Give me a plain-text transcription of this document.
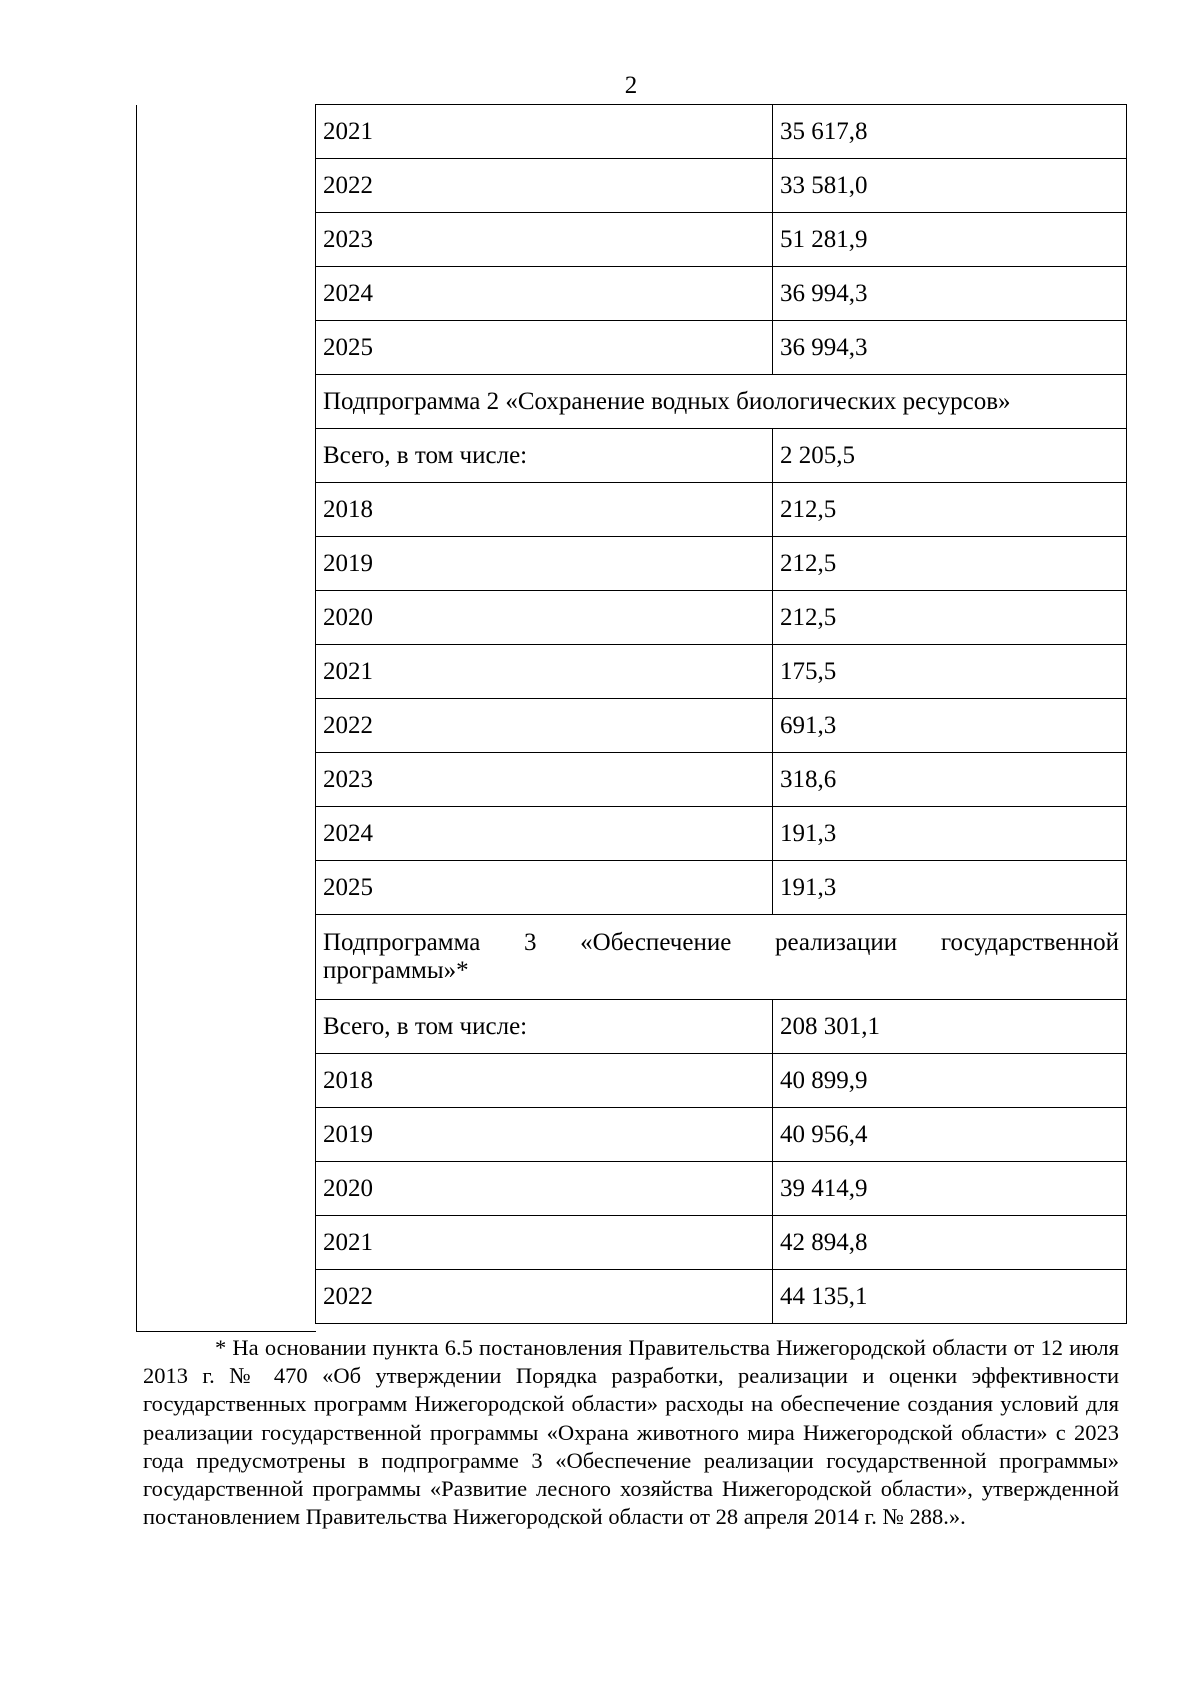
2
2021	35 617,8
2022	33 581,0
2023	51 281,9
2024	36 994,3
2025	36 994,3
Подпрограмма 2 «Сохранение водных биологических ресурсов»	
Всего, в том числе:	2 205,5
2018	212,5
2019	212,5
2020	212,5
2021	175,5
2022	691,3
2023	318,6
2024	191,3
2025	191,3
Подпрограмма 3 «Обеспечение реализации государственной программы»*	
Всего, в том числе:	208 301,1
2018	40 899,9
2019	40 956,4
2020	39 414,9
2021	42 894,8
2022	44 135,1
* На основании пункта 6.5 постановления Правительства Нижегородской области от 12 июля 2013 г. № 470 «Об утверждении Порядка разработки, реализации и оценки эффективности государственных программ Нижегородской области» расходы на обеспечение создания условий для реализации государственной программы «Охрана животного мира Нижегородской области» с 2023 года предусмотрены в подпрограмме 3 «Обеспечение реализации государственной программы» государственной программы «Развитие лесного хозяйства Нижегородской области», утвержденной постановлением Правительства Нижегородской области от 28 апреля 2014 г. № 288.».
